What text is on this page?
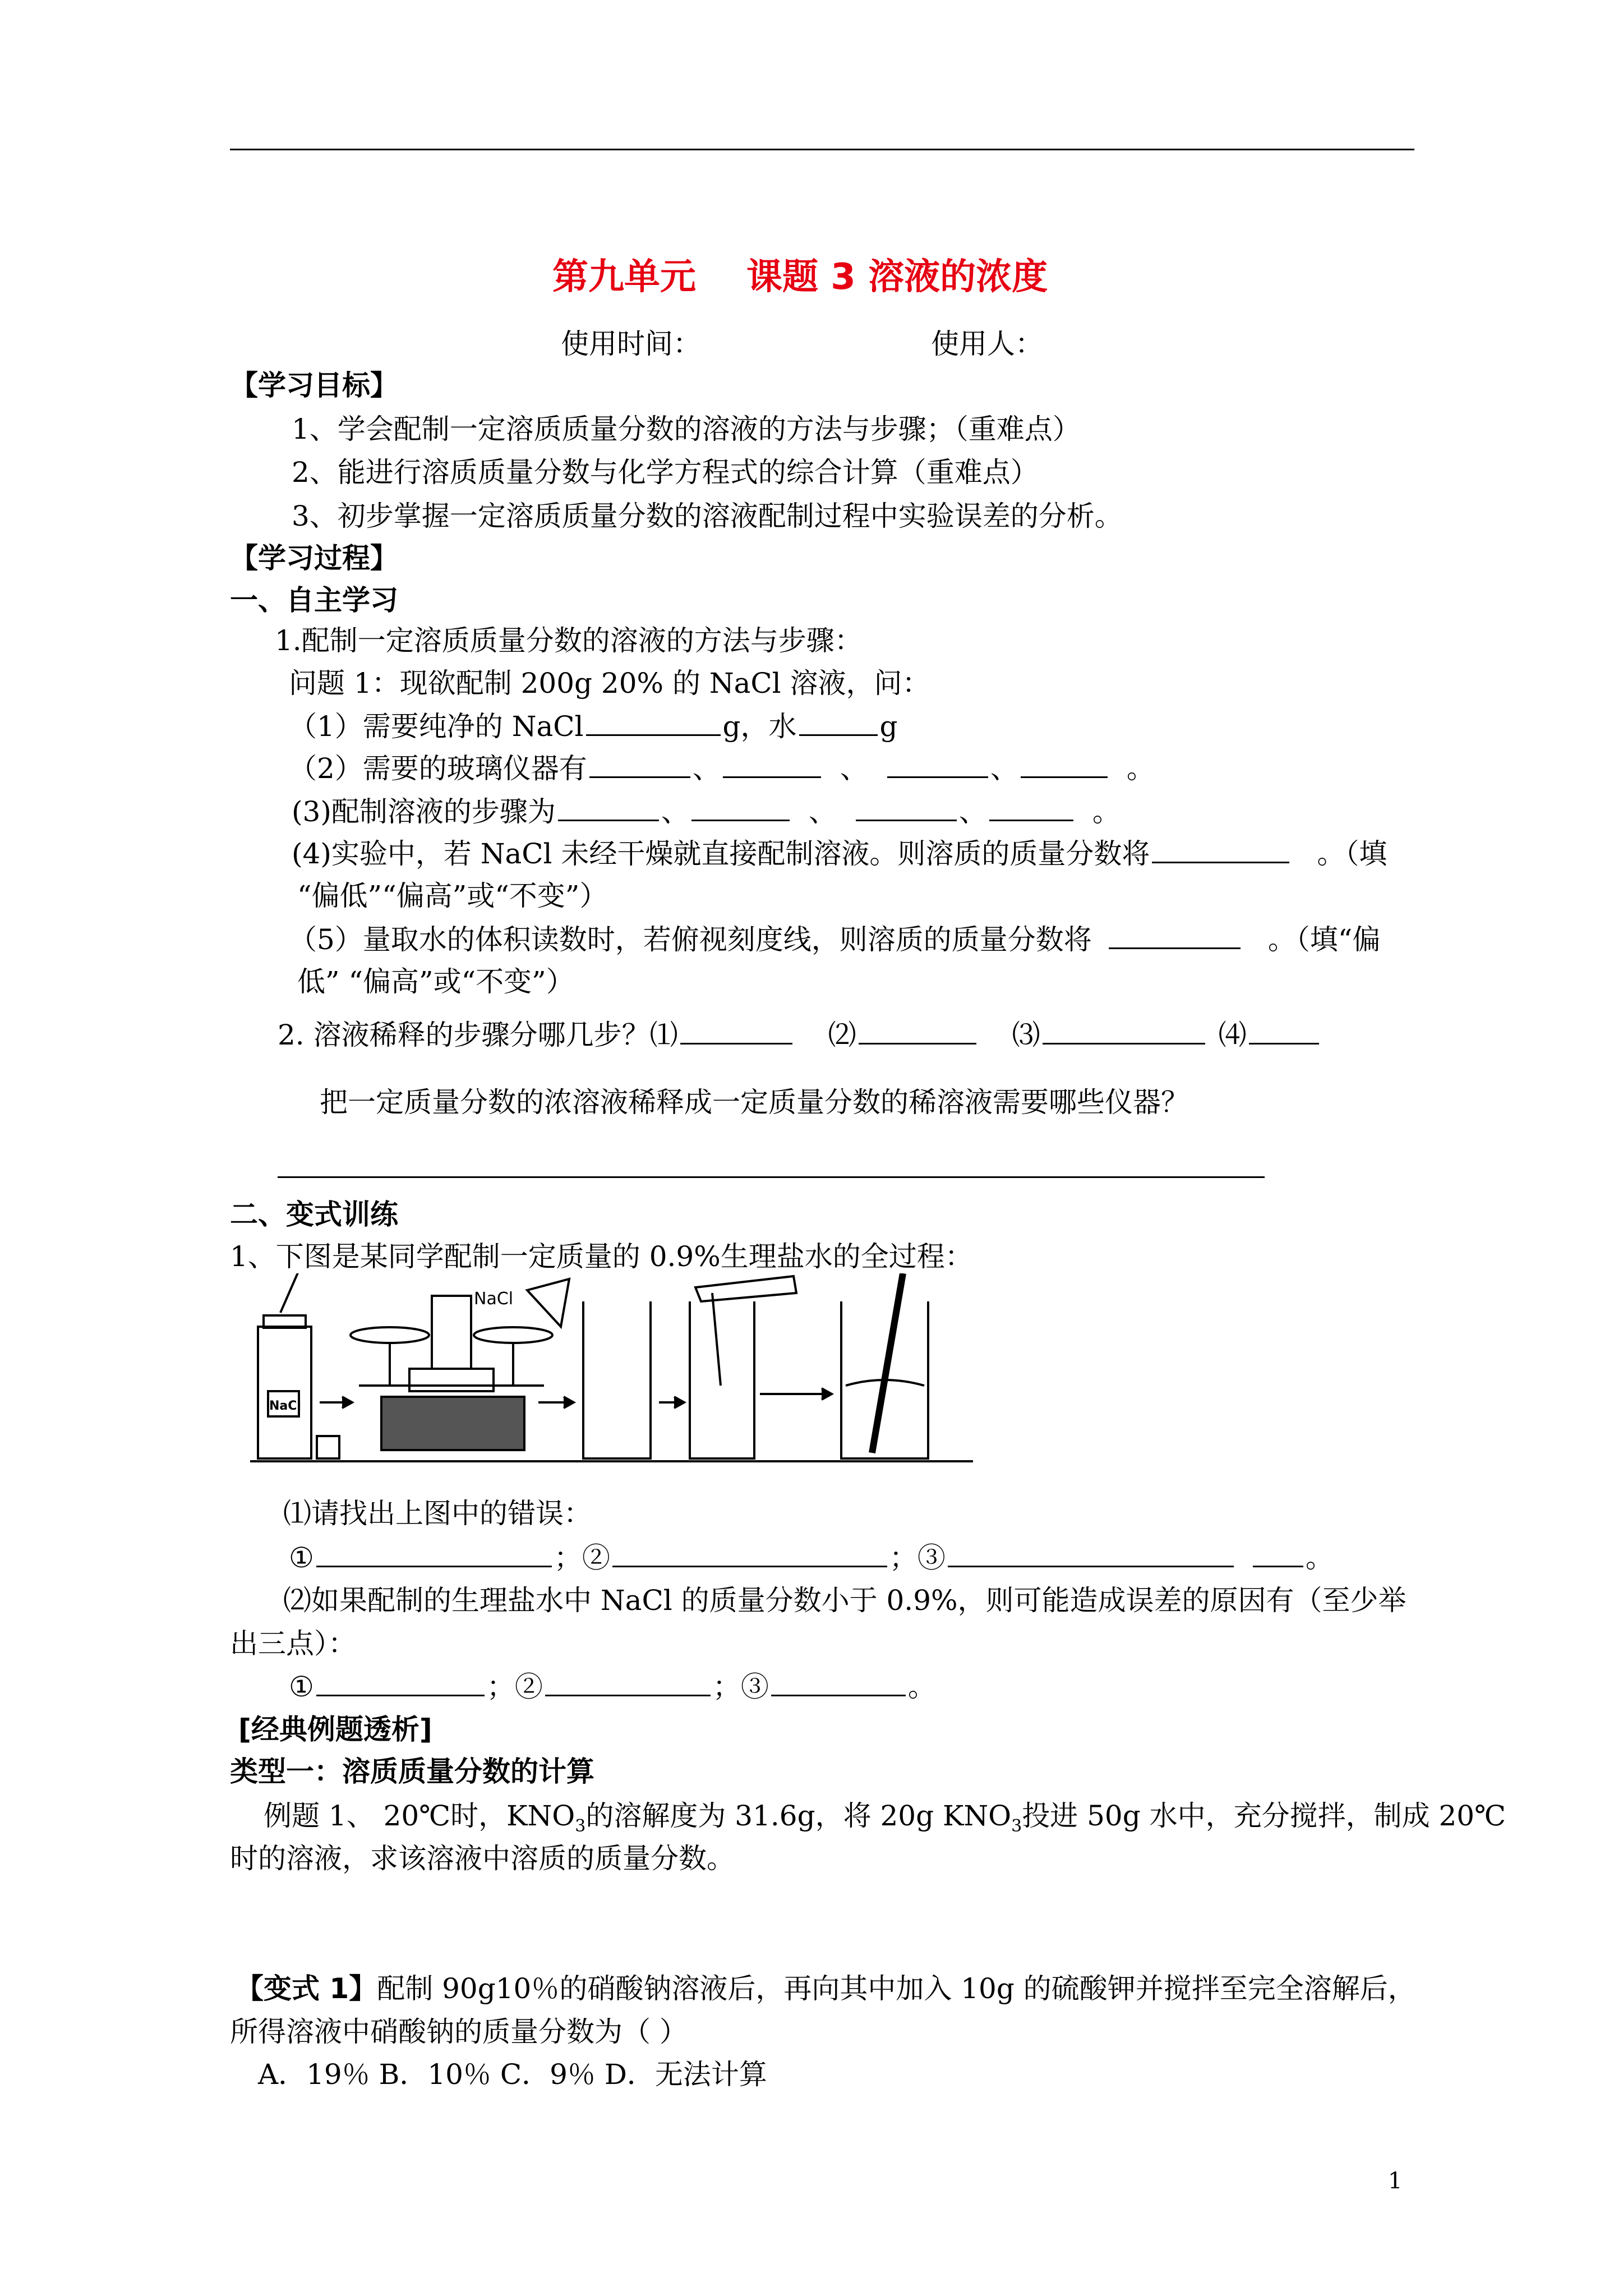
第九单元 课题 3 溶液的浓度
使用时间：	使用人：
【学习目标】
1、学会配制一定溶质质量分数的溶液的方法与步骤；（重难点）
2、能进行溶质质量分数与化学方程式的综合计算（重难点）
3、初步掌握一定溶质质量分数的溶液配制过程中实验误差的分析。
【学习过程】
一、自主学习
1.配制一定溶质质量分数的溶液的方法与步骤：
问题 1：现欲配制 200g 20% 的 NaCl 溶液，问：
（1）需要纯净的 NaCl	g，水	g
（2）需要的玻璃仪器有	、	、	、	。
(3)配制溶液的步骤为	、	、	、	。
(4)实验中，若 NaCl 未经干燥就直接配制溶液。则溶质的质量分数将	。（填
“偏低”“偏高”或“不变”）
（5）量取水的体积读数时，若俯视刻度线，则溶质的质量分数将	。（填“偏
低” “偏高”或“不变”）
2. 溶液稀释的步骤分哪几步？⑴	⑵	⑶	⑷
把一定质量分数的浓溶液稀释成一定质量分数的稀溶液需要哪些仪器？
二、变式训练
1、下图是某同学配制一定质量的 0.9%生理盐水的全过程：
NaCl
NaCl
⑴请找出上图中的错误：
①	；②	；③	。
⑵如果配制的生理盐水中 NaCl 的质量分数小于 0.9%，则可能造成误差的原因有（至少举
出三点）：
①	；②	；③	。
[经典例题透析]
类型一：溶质质量分数的计算
例题 1、 20℃时，$KNO_3$的溶解度为 31.6g，将 20g $KNO_3$投进 50g 水中，充分搅拌，制成 20℃
时的溶液，求该溶液中溶质的质量分数。
【变式 1】配制 90g10％的硝酸钠溶液后，再向其中加入 10g 的硫酸钾并搅拌至完全溶解后，
所得溶液中硝酸钠的质量分数为（ ）
A．19％ B．10％ C．9％ D．无法计算
1
